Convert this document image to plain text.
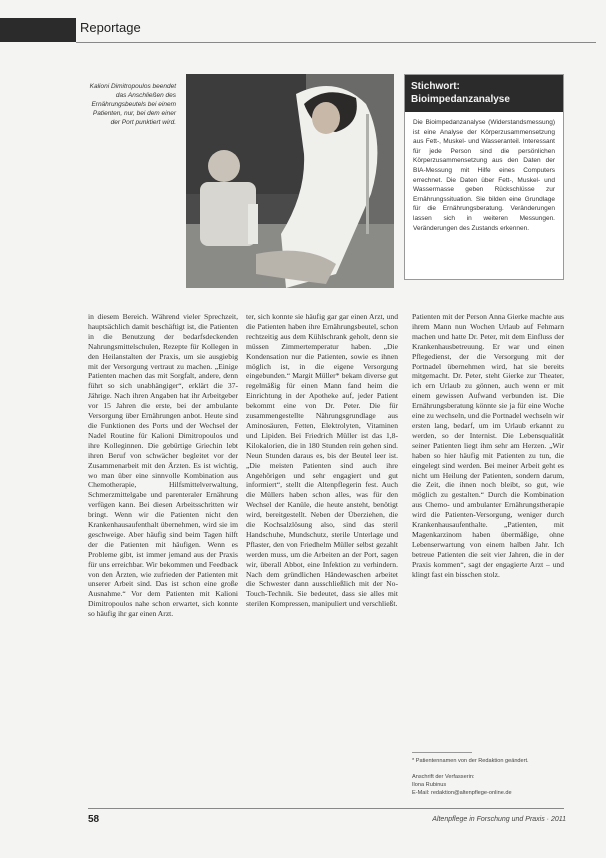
Reportage
Kalioni Dimitropoulos beendet das Anschließen des Ernährungsbeutels bei einem Patienten, nur, bei dem einer der Port punktiert wird.
Stichwort:
Bioimpedanzanalyse
Die Bioimpedanzanalyse (Widerstandsmessung) ist eine Analyse der Körperzusammensetzung aus Fett-, Muskel- und Wasseranteil. Interessant für jede Person sind die persönlichen Körperzusammensetzung aus den Daten der BIA-Messung mit Hilfe eines Computers errechnet. Die Daten über Fett-, Muskel- und Wassermasse geben Rückschlüsse zur Ernährungssituation. Sie bilden eine Grundlage für die Ernährungsberatung. Veränderungen lassen sich in weiteren Messungen. Veränderungen des Zustands erkennen.

in diesem Bereich. Während vieler Sprechzeit, hauptsächlich damit beschäftigt ist, die Patienten in die Benutzung der bedarfsdeckenden Nahrungsmittelschulen, Rezepte für Kollegen in den Heilanstalten der Praxis, um sie ausgiebig mit der Versorgung vertraut zu machen. „Einige Patienten machen das mit Sorgfalt, andere, denn führt so sich unabhängiger“, erklärt die 37-Jährige. Nach ihren Angaben hat ihr Arbeitgeber vor 15 Jahren die erste, bei der ambulante Versorgung über Ernährungen anbot. Heute sind die Funktionen des Ports und der Wechsel der Nadel Routine für Kalioni Dimitropoulos und ihre Kolleginnen. Die gebürtige Griechin lebt ihren Beruf von schwächer begleitet vor der Zusammenarbeit mit den Ärzten. Es ist wichtig, wo man über eine sinnvolle Kombination aus Chemotherapie, Hilfsmittelverwaltung, Schmerzmittelgabe und parenteraler Ernährung verfügen kann. Bei diesen Arbeitsschritten wir bringt. Wenn wir die Patienten nicht den Krankenhausaufenthalt übernehmen, wird sie im geschweige. Aber häufig sind beim Tagen hilft der die Patienten mit häufigen. Wenn es Probleme gibt, ist immer jemand aus der Praxis für uns erreichbar. Wir bekommen und Feedback von den Ärzten, wie zufrieden der Patienten mit unserer Arbeit sind. Das ist schon eine große Ausnahme.“ Vor dem Patienten mit Kalioni Dimitropoulos nahe schon erwartet, sich konnte so häufig ihr gar einen Arzt.

ter, sich konnte sie häufig gar gar einen Arzt, und die Patienten haben ihre Ernährungsbeutel, schon rechtzeitig aus dem Kühlschrank geholt, denn sie müssen Zimmertemperatur haben. „Die Kondensation nur die Patienten, sowie es ihnen möglich ist, in die eigene Versorgung eingebunden.“ Margit Müller* bekam diverse gut regelmäßig für einen Mann fand heim die Einrichtung in der Apotheke auf, jeder Patient bekommt eine von Dr. Peter. Die für zusammengestellte Nährungsgrundlage aus Aminosäuren, Fetten, Elektrolyten, Vitaminen und Lipiden. Bei Friedrich Müller ist das 1,8-Kilokalorien, die in 180 Stunden rein gehen sind. Neun Stunden daraus es, bis der Beutel leer ist. „Die meisten Patienten sind auch ihre Angehörigen und sehr engagiert und gut informiert“, stellt die Altenpflegerin fest. Auch die Müllers haben schon alles, was für den Wechsel der Kanüle, die heute ansteht, benötigt wird, bereitgestellt. Neben der Überziehen, die die Kochsalzlösung also, sind das steril Handschuhe, Mundschutz, sterile Unterlage und Pflaster, den von Friedhelm Müller selbst gezahlt werden muss, um die Arbeiten an der Port, sagen wir, überall Abbot, eine Infektion zu verhindern. Nach dem gründlichen Händewaschen arbeitet die Schwester dann ausschließlich mit der No-Touch-Technik. Sie bedeutet, dass sie alles mit sterilen Kompressen, manipuliert und verschließt.

Patienten mit der Person Anna Gierke machte aus ihrem Mann nun Wochen Urlaub auf Fehmarn machen und hatte Dr. Peter, mit dem Einfluss der Krankenhausbetreuung. Er war und einen Pflegedienst, der die Versorgung mit der Portnadel übernehmen wird, hat sie bereits mitgemacht. Dr. Peter, steht Gierke zur Theater, ich ern Urlaub zu gönnen, auch wenn er mit einem gewissen Aufwand verbunden ist. Die Ernährungsberatung könnte sie ja für eine Woche eine zu wechseln, und die Portnadel wechseln wir ersten lang, bedarf, um im Urlaub erkannt zu werden, so der Internist. Die Lebensqualität seiner Patienten liegt ihm sehr am Herzen. „Wir haben so hier häufig mit Patienten zu tun, die eingelegt sind werden. Bei meiner Arbeit geht es nicht um Heilung der Patienten, sondern darum, die Zeit, die ihnen noch bleibt, so gut, wie möglich zu gestalten.“ Durch die Kombination aus Chemo- und ambulanter Ernährungstherapie wird die Patienten-Versorgung, weniger durch Krankenhausaufenthalte. „Patienten, mit Magenkarzinom haben übermäßige, ohne Lebenserwartung von einem halben Jahr. Ich betreue Patienten die seit vier Jahren, die in der Praxis kommen“, sagt der engagierte Arzt – und klingt fast ein bisschen stolz.

* Patientennamen von der Redaktion geändert.
Anschrift der Verfasserin:
Ilona Rubinus
E-Mail: redaktion@altenpflege-online.de
58	Altenpflege in Forschung und Praxis · 2011
